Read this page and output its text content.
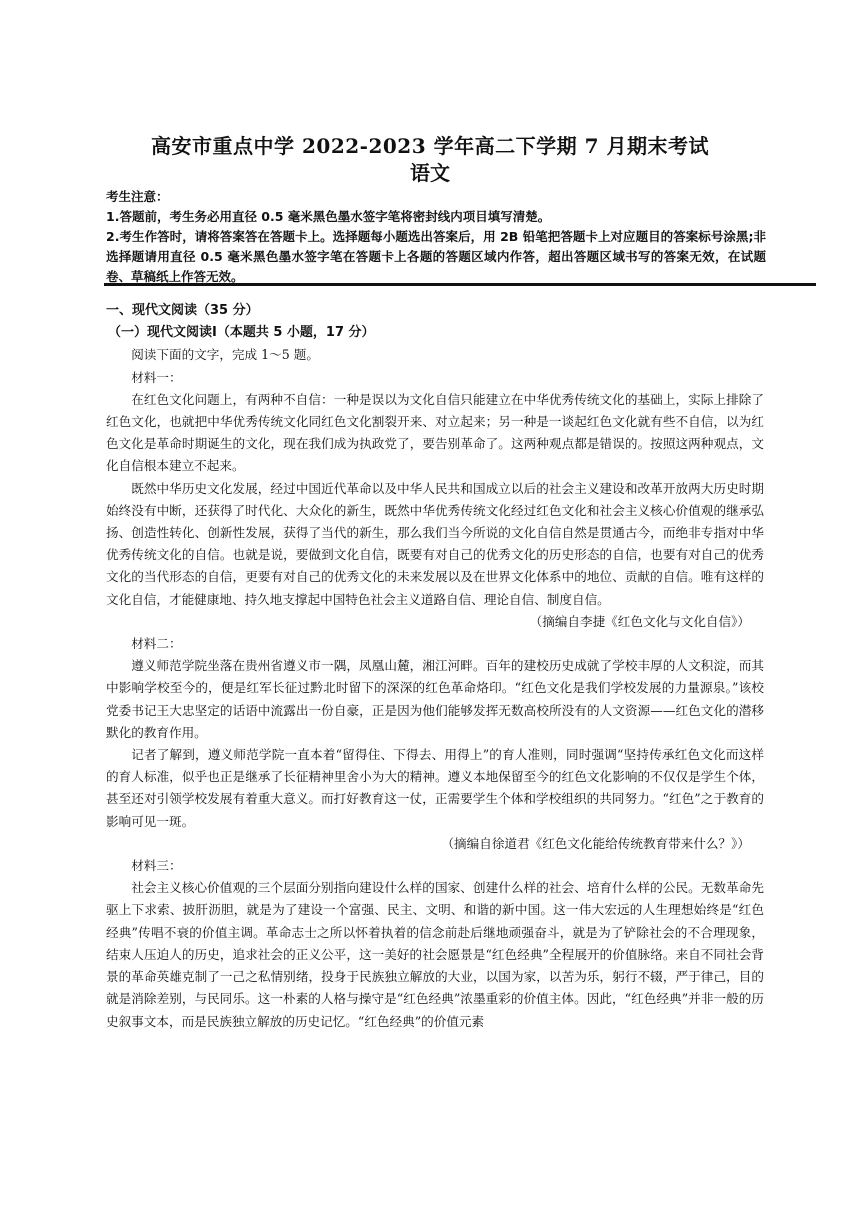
高安市重点中学 2022-2023 学年高二下学期 7 月期末考试
语文

考生注意：

1.答题前，考生务必用直径 0.5 毫米黑色墨水签字笔将密封线内项目填写清楚。

2.考生作答时，请将答案答在答题卡上。选择题每小题选出答案后，用 2B 铅笔把答题卡上对应题目的答案标号涂黑;非选择题请用直径 0.5 毫米黑色墨水签字笔在答题卡上各题的答题区域内作答，超出答题区域书写的答案无效，在试题卷、草稿纸上作答无效。

一、现代文阅读（35 分）

（一）现代文阅读Ⅰ（本题共 5 小题，17 分）

阅读下面的文字，完成 1～5 题。

材料一：

在红色文化问题上，有两种不自信：一种是误以为文化自信只能建立在中华优秀传统文化的基础上，实际上排除了红色文化，也就把中华优秀传统文化同红色文化割裂开来、对立起来；另一种是一谈起红色文化就有些不自信，以为红色文化是革命时期诞生的文化，现在我们成为执政党了，要告别革命了。这两种观点都是错误的。按照这两种观点，文化自信根本建立不起来。

既然中华历史文化发展，经过中国近代革命以及中华人民共和国成立以后的社会主义建设和改革开放两大历史时期始终没有中断，还获得了时代化、大众化的新生，既然中华优秀传统文化经过红色文化和社会主义核心价值观的继承弘扬、创造性转化、创新性发展，获得了当代的新生，那么我们当今所说的文化自信自然是贯通古今，而绝非专指对中华优秀传统文化的自信。也就是说，要做到文化自信，既要有对自己的优秀文化的历史形态的自信，也要有对自己的优秀文化的当代形态的自信，更要有对自己的优秀文化的未来发展以及在世界文化体系中的地位、贡献的自信。唯有这样的文化自信，才能健康地、持久地支撑起中国特色社会主义道路自信、理论自信、制度自信。

（摘编自李捷《红色文化与文化自信》）

材料二：

遵义师范学院坐落在贵州省遵义市一隅，凤凰山麓，湘江河畔。百年的建校历史成就了学校丰厚的人文积淀，而其中影响学校至今的，便是红军长征过黔北时留下的深深的红色革命烙印。“红色文化是我们学校发展的力量源泉。”该校党委书记王大忠坚定的话语中流露出一份自豪，正是因为他们能够发挥无数高校所没有的人文资源——红色文化的潜移默化的教育作用。

记者了解到，遵义师范学院一直本着“留得住、下得去、用得上”的育人准则，同时强调“坚持传承红色文化而这样的育人标准，似乎也正是继承了长征精神里舍小为大的精神。遵义本地保留至今的红色文化影响的不仅仅是学生个体，甚至还对引领学校发展有着重大意义。而打好教育这一仗，正需要学生个体和学校组织的共同努力。“红色”之于教育的影响可见一斑。

（摘编自徐道君《红色文化能给传统教育带来什么？》）

材料三：

社会主义核心价值观的三个层面分别指向建设什么样的国家、创建什么样的社会、培育什么样的公民。无数革命先驱上下求索、披肝沥胆，就是为了建设一个富强、民主、文明、和谐的新中国。这一伟大宏远的人生理想始终是“红色经典”传唱不衰的价值主调。革命志士之所以怀着执着的信念前赴后继地顽强奋斗，就是为了铲除社会的不合理现象，结束人压迫人的历史，追求社会的正义公平，这一美好的社会愿景是“红色经典”全程展开的价值脉络。来自不同社会背景的革命英雄克制了一己之私情别绪，投身于民族独立解放的大业，以国为家，以苦为乐，躬行不辍，严于律己，目的就是消除差别，与民同乐。这一朴素的人格与操守是“红色经典”浓墨重彩的价值主体。因此，“红色经典”并非一般的历史叙事文本，而是民族独立解放的历史记忆。“红色经典”的价值元素
